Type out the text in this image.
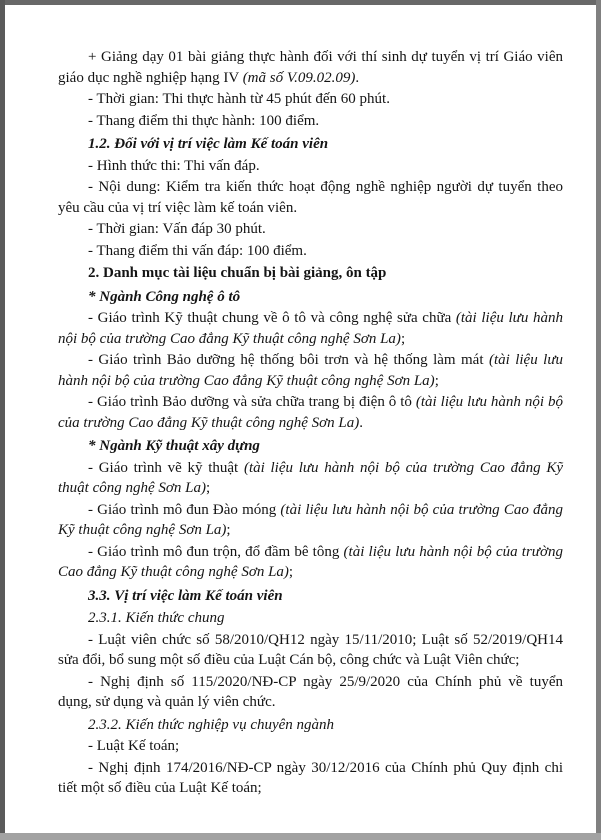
+ Giảng dạy 01 bài giảng thực hành đối với thí sinh dự tuyển vị trí Giáo viên giáo dục nghề nghiệp hạng IV (mã số V.09.02.09).

- Thời gian: Thi thực hành từ 45 phút đến 60 phút.

- Thang điểm thi thực hành: 100 điểm.

1.2. Đối với vị trí việc làm Kế toán viên

- Hình thức thi: Thi vấn đáp.

- Nội dung: Kiểm tra kiến thức hoạt động nghề nghiệp người dự tuyển theo yêu cầu của vị trí việc làm kế toán viên.

- Thời gian: Vấn đáp 30 phút.

- Thang điểm thi vấn đáp: 100 điểm.

2. Danh mục tài liệu chuẩn bị bài giảng, ôn tập

* Ngành Công nghệ ô tô

- Giáo trình Kỹ thuật chung về ô tô và công nghệ sửa chữa (tài liệu lưu hành nội bộ của trường Cao đẳng Kỹ thuật công nghệ Sơn La);

- Giáo trình Bảo dưỡng hệ thống bôi trơn và hệ thống làm mát (tài liệu lưu hành nội bộ của trường Cao đẳng Kỹ thuật công nghệ Sơn La);

- Giáo trình Bảo dưỡng và sửa chữa trang bị điện ô tô (tài liệu lưu hành nội bộ của trường Cao đẳng Kỹ thuật công nghệ Sơn La).

* Ngành Kỹ thuật xây dựng

- Giáo trình vẽ kỹ thuật (tài liệu lưu hành nội bộ của trường Cao đẳng Kỹ thuật công nghệ Sơn La);

- Giáo trình mô đun Đào móng (tài liệu lưu hành nội bộ của trường Cao đẳng Kỹ thuật công nghệ Sơn La);

- Giáo trình mô đun trộn, đổ đầm bê tông (tài liệu lưu hành nội bộ của trường Cao đẳng Kỹ thuật công nghệ Sơn La);

3.3. Vị trí việc làm Kế toán viên

2.3.1. Kiến thức chung

- Luật viên chức số 58/2010/QH12 ngày 15/11/2010; Luật số 52/2019/QH14 sửa đổi, bổ sung một số điều của Luật Cán bộ, công chức và Luật Viên chức;

- Nghị định số 115/2020/NĐ-CP ngày 25/9/2020 của Chính phủ về tuyển dụng, sử dụng và quản lý viên chức.

2.3.2. Kiến thức nghiệp vụ chuyên ngành

- Luật Kế toán;

- Nghị định 174/2016/NĐ-CP ngày 30/12/2016 của Chính phủ Quy định chi tiết một số điều của Luật Kế toán;
